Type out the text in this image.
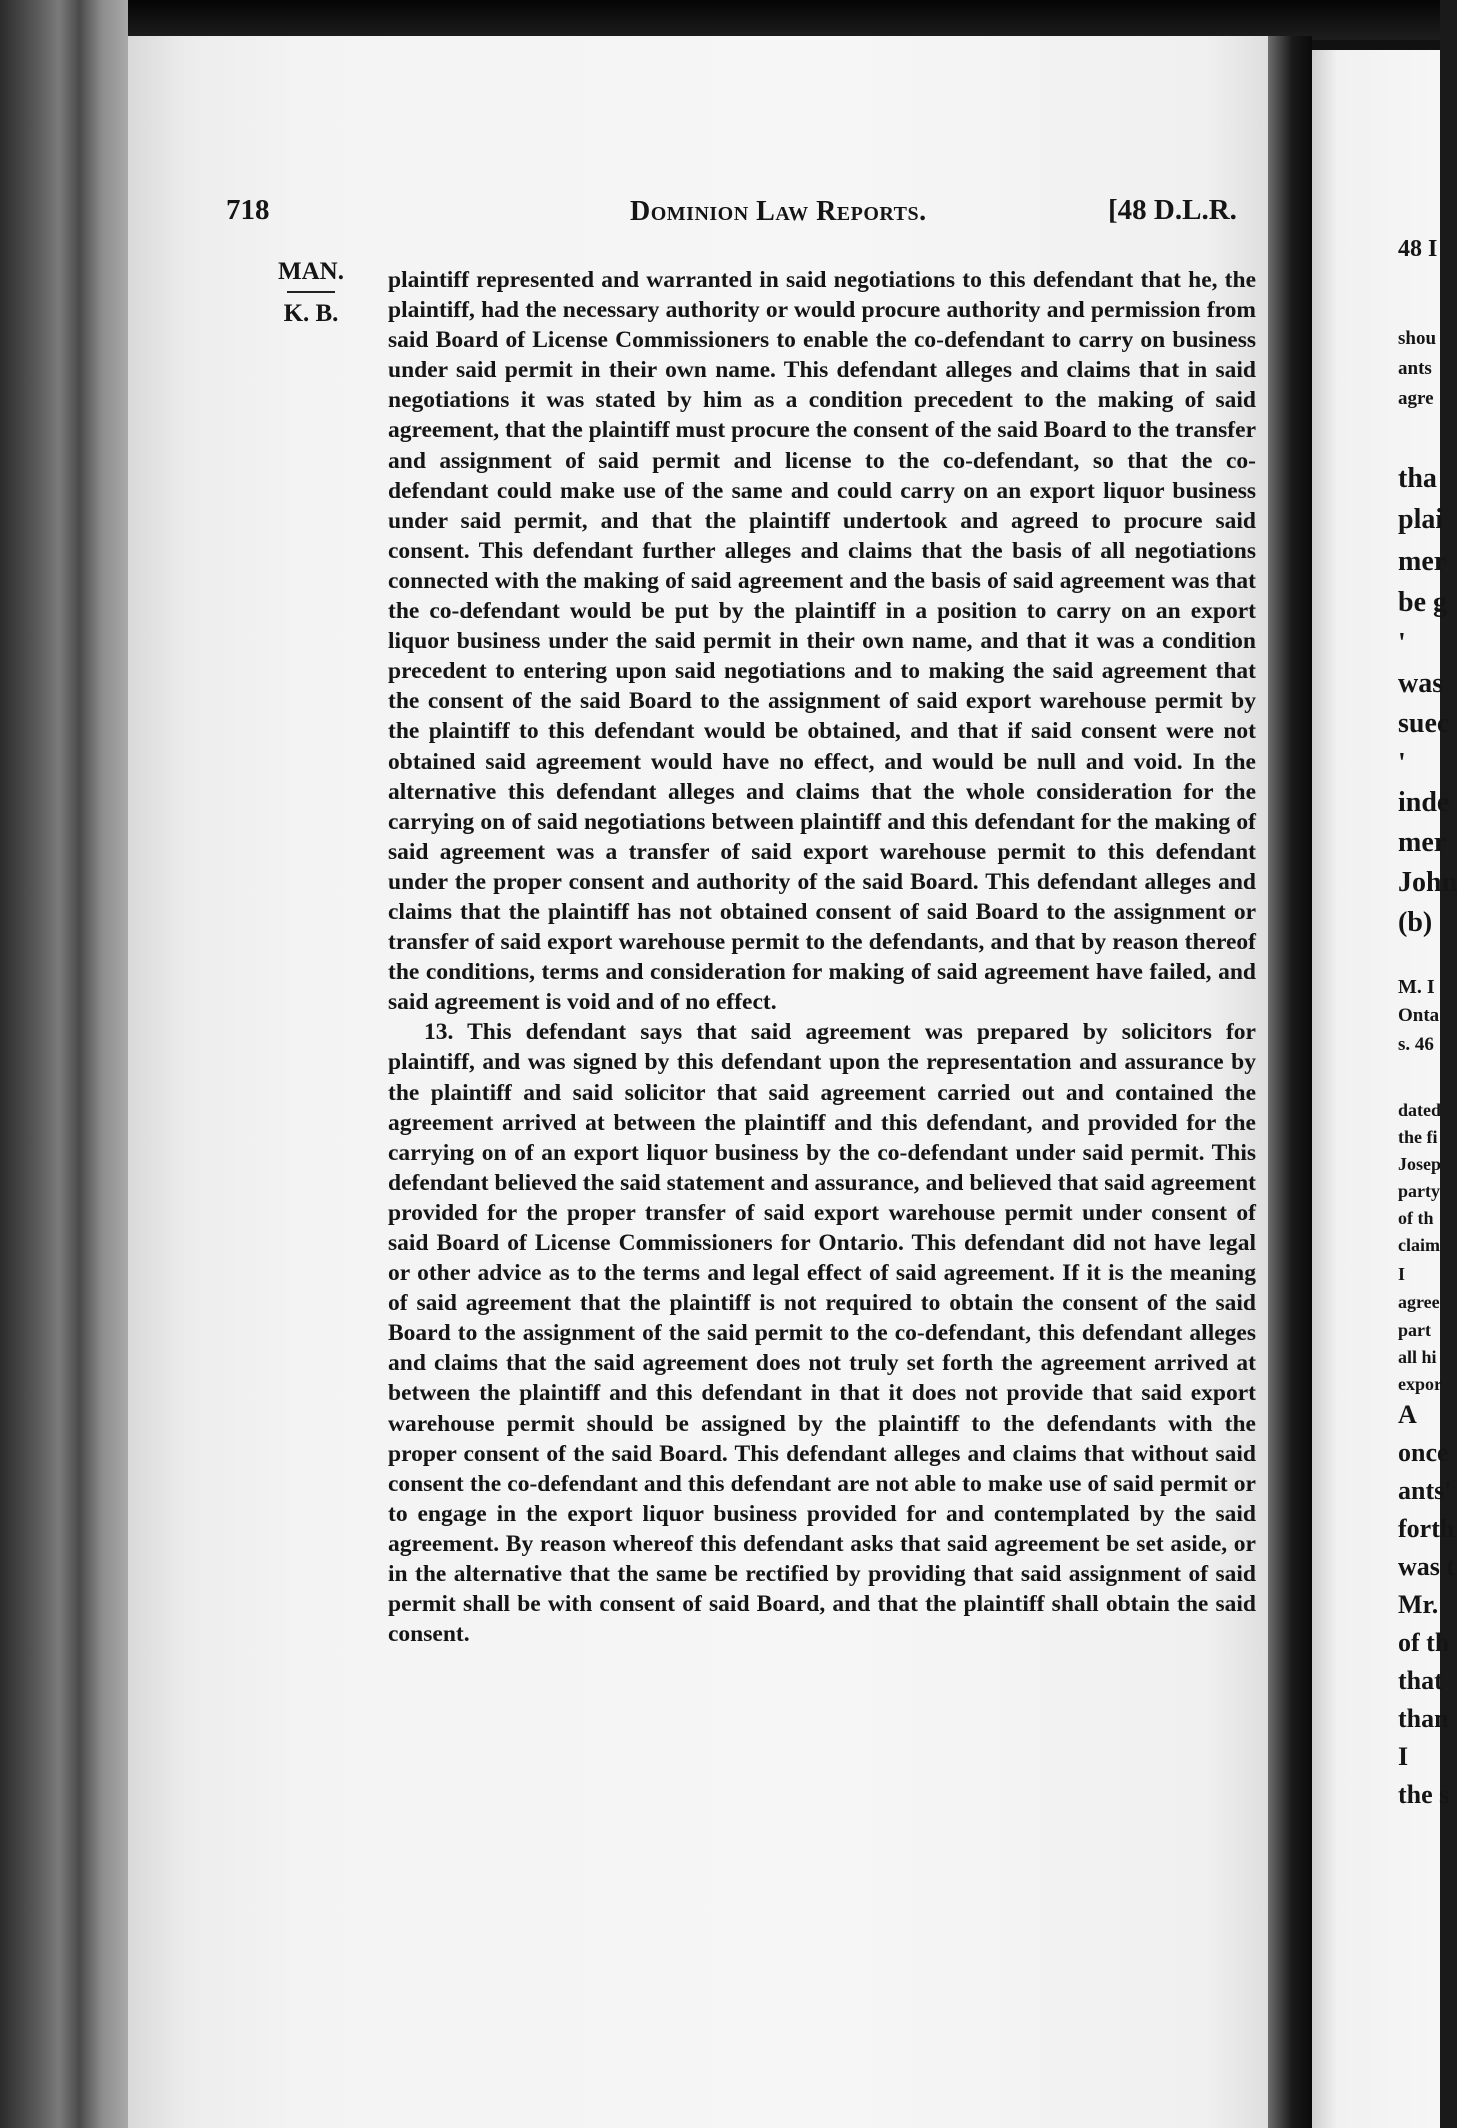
718	Dominion Law Reports.	[48 D.L.R.
MAN.
K. B.

plaintiff represented and warranted in said negotiations to this defendant that he, the plaintiff, had the necessary authority or would procure authority and permission from said Board of License Commissioners to enable the co-defendant to carry on business under said permit in their own name. This defendant alleges and claims that in said negotiations it was stated by him as a condition precedent to the making of said agreement, that the plaintiff must procure the consent of the said Board to the transfer and assignment of said permit and license to the co-defendant, so that the co-defendant could make use of the same and could carry on an export liquor business under said permit, and that the plaintiff undertook and agreed to procure said consent. This defendant further alleges and claims that the basis of all negotiations connected with the making of said agreement and the basis of said agreement was that the co-defendant would be put by the plaintiff in a position to carry on an export liquor business under the said permit in their own name, and that it was a condition precedent to entering upon said negotiations and to making the said agreement that the consent of the said Board to the assignment of said export warehouse permit by the plaintiff to this defendant would be obtained, and that if said consent were not obtained said agreement would have no effect, and would be null and void. In the alternative this defendant alleges and claims that the whole consideration for the carrying on of said negotiations between plaintiff and this defendant for the making of said agreement was a transfer of said export warehouse permit to this defendant under the proper consent and authority of the said Board. This defendant alleges and claims that the plaintiff has not obtained consent of said Board to the assignment or transfer of said export warehouse permit to the defendants, and that by reason thereof the conditions, terms and consideration for making of said agreement have failed, and said agreement is void and of no effect.

13. This defendant says that said agreement was prepared by solicitors for plaintiff, and was signed by this defendant upon the representation and assurance by the plaintiff and said solicitor that said agreement carried out and contained the agreement arrived at between the plaintiff and this defendant, and provided for the carrying on of an export liquor business by the co-defendant under said permit. This defendant believed the said statement and assurance, and believed that said agreement provided for the proper transfer of said export warehouse permit under consent of said Board of License Commissioners for Ontario. This defendant did not have legal or other advice as to the terms and legal effect of said agreement. If it is the meaning of said agreement that the plaintiff is not required to obtain the consent of the said Board to the assignment of the said permit to the co-defendant, this defendant alleges and claims that the said agreement does not truly set forth the agreement arrived at between the plaintiff and this defendant in that it does not provide that said export warehouse permit should be assigned by the plaintiff to the defendants with the proper consent of the said Board. This defendant alleges and claims that without said consent the co-defendant and this defendant are not able to make use of said permit or to engage in the export liquor business provided for and contemplated by the said agreement. By reason whereof this defendant asks that said agreement be set aside, or in the alternative that the same be rectified by providing that said assignment of said permit shall be with consent of said Board, and that the plaintiff shall obtain the said consent.

48 I
shou
ants
agre
tha
plai
mer
be g
'
was
suec
'
inde
mer
John
(b)
M. I
Onta
s. 46
dated
the fi
Josep
party
of th
claim
I
agree
part
all hi
expor
A
once
ants'
forth
was t
Mr.
of th
that
than
I
the s
